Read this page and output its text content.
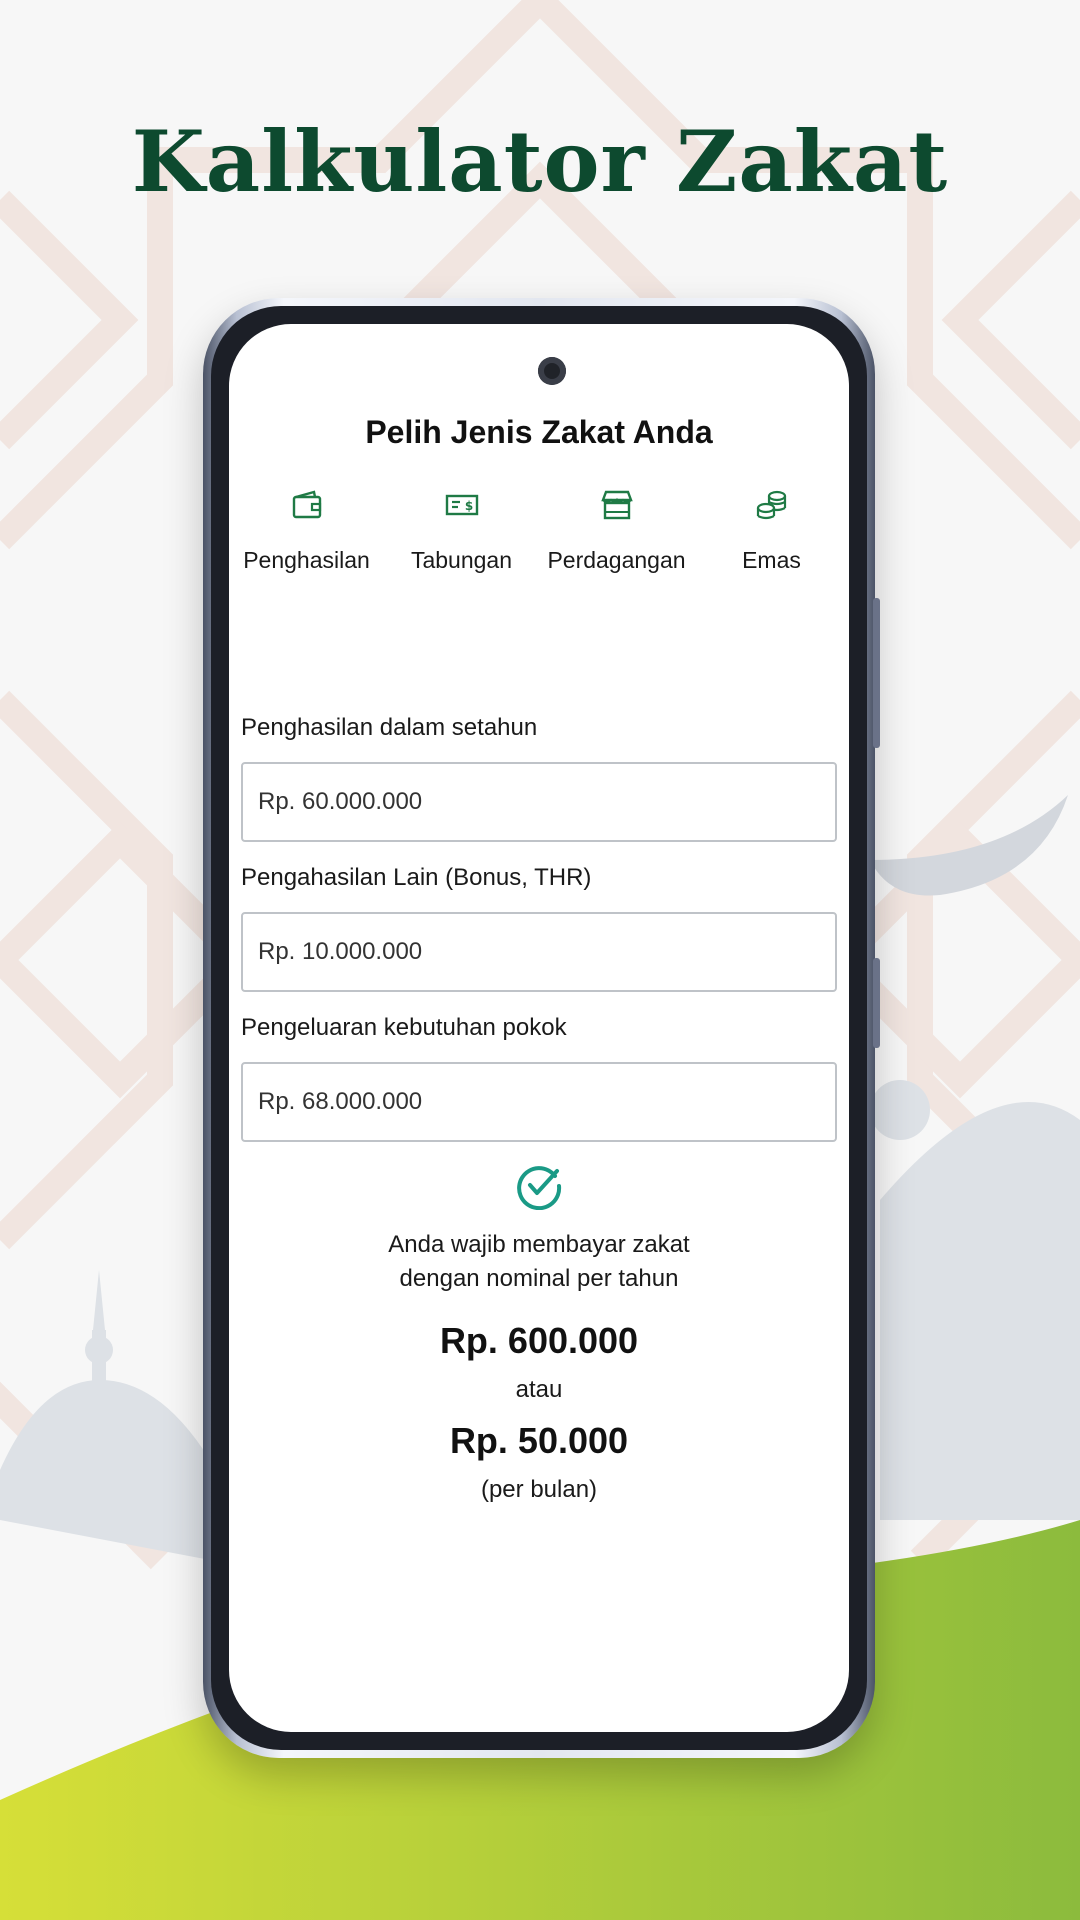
Kalkulator Zakat
Pelih Jenis Zakat Anda
Penghasilan
$
Tabungan	Perdagangan	Emas
Penghasilan dalam setahun
Rp. 60.000.000
Pengahasilan Lain (Bonus, THR)
Rp. 10.000.000
Pengeluaran kebutuhan pokok
Rp. 68.000.000

Anda wajib membayar zakat dengan nominal per tahun

Rp. 600.000

atau

Rp. 50.000

(per bulan)
